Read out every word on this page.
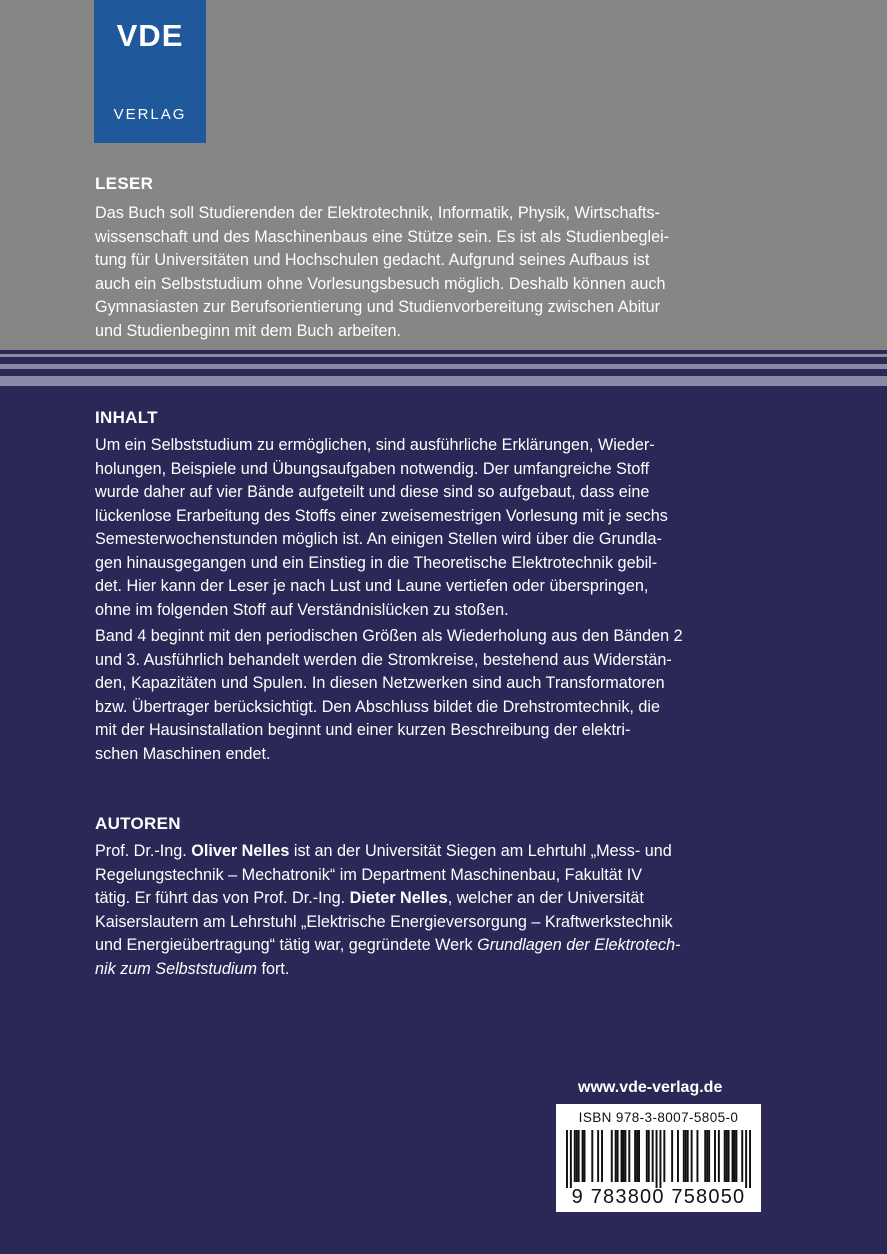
VDE
VERLAG
LESER
Das Buch soll Studierenden der Elektrotechnik, Informatik, Physik, Wirtschafts-
wissenschaft und des Maschinenbaus eine Stütze sein. Es ist als Studienbeglei-
tung für Universitäten und Hochschulen gedacht. Aufgrund seines Aufbaus ist
auch ein Selbststudium ohne Vorlesungsbesuch möglich. Deshalb können auch
Gymnasiasten zur Berufsorientierung und Studienvorbereitung zwischen Abitur
und Studienbeginn mit dem Buch arbeiten.
INHALT
Um ein Selbststudium zu ermöglichen, sind ausführliche Erklärungen, Wieder-
holungen, Beispiele und Übungsaufgaben notwendig. Der umfangreiche Stoff
wurde daher auf vier Bände aufgeteilt und diese sind so aufgebaut, dass eine
lückenlose Erarbeitung des Stoffs einer zweisemestrigen Vorlesung mit je sechs
Semesterwochenstunden möglich ist. An einigen Stellen wird über die Grundla-
gen hinausgegangen und ein Einstieg in die Theoretische Elektrotechnik gebil-
det. Hier kann der Leser je nach Lust und Laune vertiefen oder überspringen,
ohne im folgenden Stoff auf Verständnislücken zu stoßen.
Band 4 beginnt mit den periodischen Größen als Wiederholung aus den Bänden 2
und 3. Ausführlich behandelt werden die Stromkreise, bestehend aus Widerstän-
den, Kapazitäten und Spulen. In diesen Netzwerken sind auch Transformatoren
bzw. Übertrager berücksichtigt. Den Abschluss bildet die Drehstromtechnik, die
mit der Hausinstallation beginnt und einer kurzen Beschreibung der elektri-
schen Maschinen endet.
AUTOREN
Prof. Dr.-Ing. Oliver Nelles ist an der Universität Siegen am Lehrtuhl „Mess- und
Regelungstechnik – Mechatronik“ im Department Maschinenbau, Fakultät IV
tätig. Er führt das von Prof. Dr.-Ing. Dieter Nelles, welcher an der Universität
Kaiserslautern am Lehrstuhl „Elektrische Energieversorgung – Kraftwerkstechnik
und Energieübertragung“ tätig war, gegründete Werk Grundlagen der Elektrotech-
nik zum Selbststudium fort.
www.vde-verlag.de
ISBN 978-3-8007-5805-0
9 783800 758050
